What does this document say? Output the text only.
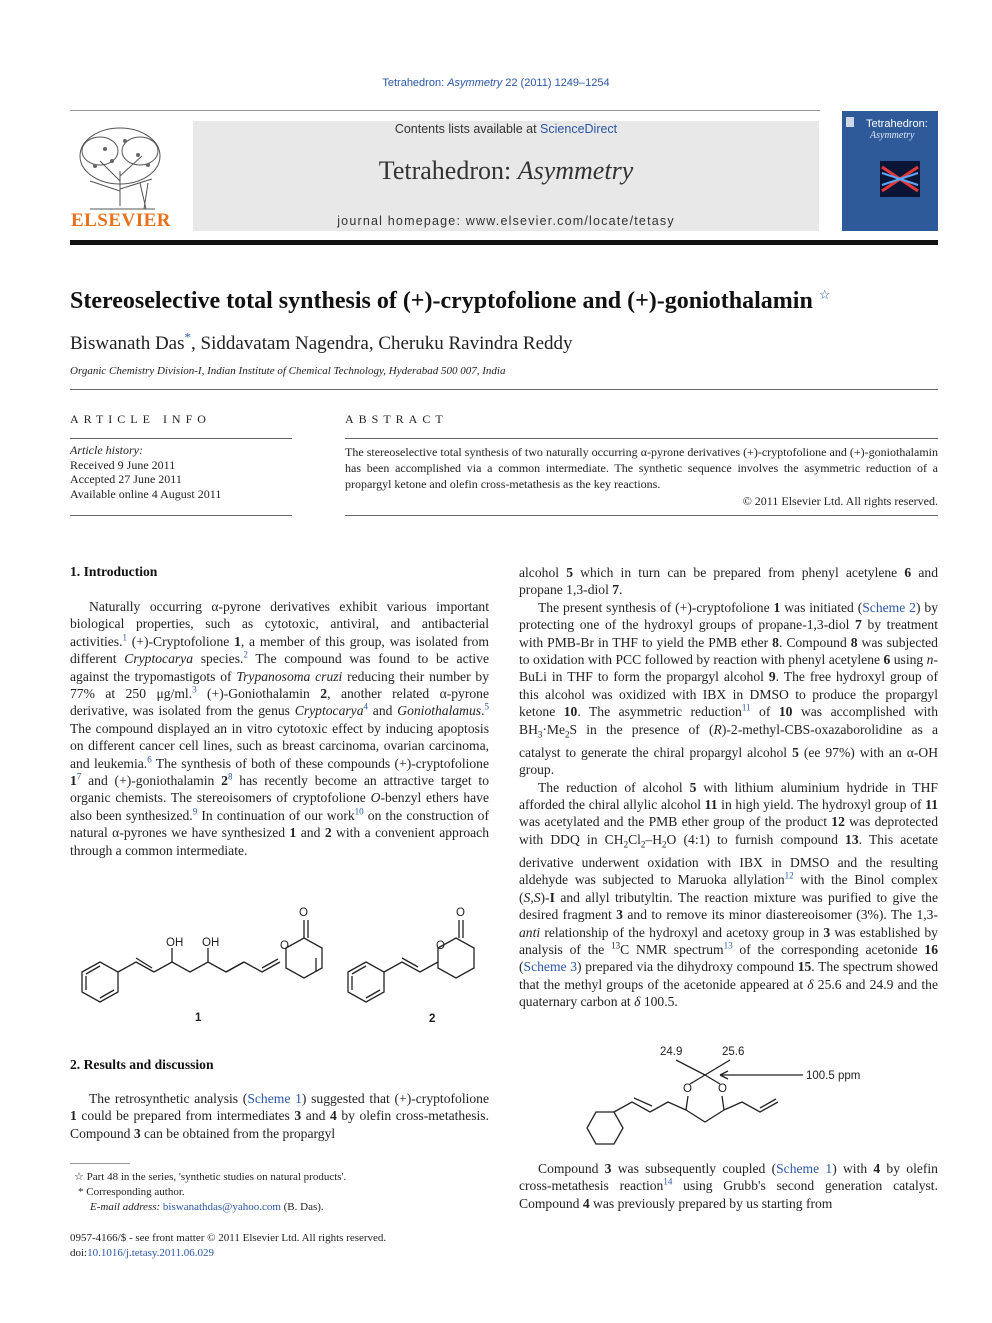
Tetrahedron: Asymmetry 22 (2011) 1249–1254
ELSEVIER
Contents lists available at ScienceDirect
Tetrahedron: Asymmetry
journal homepage: www.elsevier.com/locate/tetasy
Tetrahedron:
Asymmetry
Stereoselective total synthesis of (+)-cryptofolione and (+)-goniothalamin ☆
Biswanath Das*, Siddavatam Nagendra, Cheruku Ravindra Reddy
Organic Chemistry Division-I, Indian Institute of Chemical Technology, Hyderabad 500 007, India
ARTICLE INFO
Article history:
Received 9 June 2011
Accepted 27 June 2011
Available online 4 August 2011
ABSTRACT
The stereoselective total synthesis of two naturally occurring α-pyrone derivatives (+)-cryptofolione and (+)-goniothalamin has been accomplished via a common intermediate. The synthetic sequence involves the asymmetric reduction of a propargyl ketone and olefin cross-metathesis as the key reactions.
© 2011 Elsevier Ltd. All rights reserved.
1. Introduction

Naturally occurring α-pyrone derivatives exhibit various important biological properties, such as cytotoxic, antiviral, and antibacterial activities.$^1$ (+)-Cryptofolione 1, a member of this group, was isolated from different Cryptocarya species.$^2$ The compound was found to be active against the trypomastigots of Trypanosoma cruzi reducing their number by 77% at 250 μg/ml.$^3$ (+)-Goniothalamin 2, another related α-pyrone derivative, was isolated from the genus Cryptocarya$^4$ and Goniothalamus.$^5$ The compound displayed an in vitro cytotoxic effect by inducing apoptosis on different cancer cell lines, such as breast carcinoma, ovarian carcinoma, and leukemia.$^6$ The synthesis of both of these compounds (+)-cryptofolione $1^7$ and (+)-goniothalamin $2^8$ has recently become an attractive target to organic chemists. The stereoisomers of cryptofolione O-benzyl ethers have also been synthesized.$^9$ In continuation of our work$^{10}$ on the construction of natural α-pyrones we have synthesized 1 and 2 with a convenient approach through a common intermediate.

OH OH	O
O
1
O
O
2
2. Results and discussion

The retrosynthetic analysis (Scheme 1) suggested that (+)-cryptofolione 1 could be prepared from intermediates 3 and 4 by olefin cross-metathesis. Compound 3 can be obtained from the propargyl

☆ Part 48 in the series, 'synthetic studies on natural products'.
* Corresponding author.
E-mail address: biswanathdas@yahoo.com (B. Das).
0957-4166/$ - see front matter © 2011 Elsevier Ltd. All rights reserved.
doi:10.1016/j.tetasy.2011.06.029

alcohol 5 which in turn can be prepared from phenyl acetylene 6 and propane 1,3-diol 7.

The present synthesis of (+)-cryptofolione 1 was initiated (Scheme 2) by protecting one of the hydroxyl groups of propane-1,3-diol 7 by treatment with PMB-Br in THF to yield the PMB ether 8. Compound 8 was subjected to oxidation with PCC followed by reaction with phenyl acetylene 6 using n-BuLi in THF to form the propargyl alcohol 9. The free hydroxyl group of this alcohol was oxidized with IBX in DMSO to produce the propargyl ketone 10. The asymmetric reduction$^{11}$ of 10 was accomplished with $BH_3\cdot Me_2S$ in the presence of (R)-2-methyl-CBS-oxazaborolidine as a catalyst to generate the chiral propargyl alcohol 5 (ee 97%) with an α-OH group.

The reduction of alcohol 5 with lithium aluminium hydride in THF afforded the chiral allylic alcohol 11 in high yield. The hydroxyl group of 11 was acetylated and the PMB ether group of the product 12 was deprotected with DDQ in $CH_2Cl_2-H_2O$ (4:1) to furnish compound 13. This acetate derivative underwent oxidation with IBX in DMSO and the resulting aldehyde was subjected to Maruoka allylation$^{12}$ with the Binol complex (S,S)-I and allyl tributyltin. The reaction mixture was purified to give the desired fragment 3 and to remove its minor diastereoisomer (3%). The 1,3-anti relationship of the hydroxyl and acetoxy group in 3 was established by analysis of the $^{13}$C NMR spectrum$^{13}$ of the corresponding acetonide 16 (Scheme 3) prepared via the dihydroxy compound 15. The spectrum showed that the methyl groups of the acetonide appeared at δ 25.6 and 24.9 and the quaternary carbon at δ 100.5.

24.9	25.6
100.5 ppm
O O

Compound 3 was subsequently coupled (Scheme 1) with 4 by olefin cross-metathesis reaction$^{14}$ using Grubb's second generation catalyst. Compound 4 was previously prepared by us starting from
